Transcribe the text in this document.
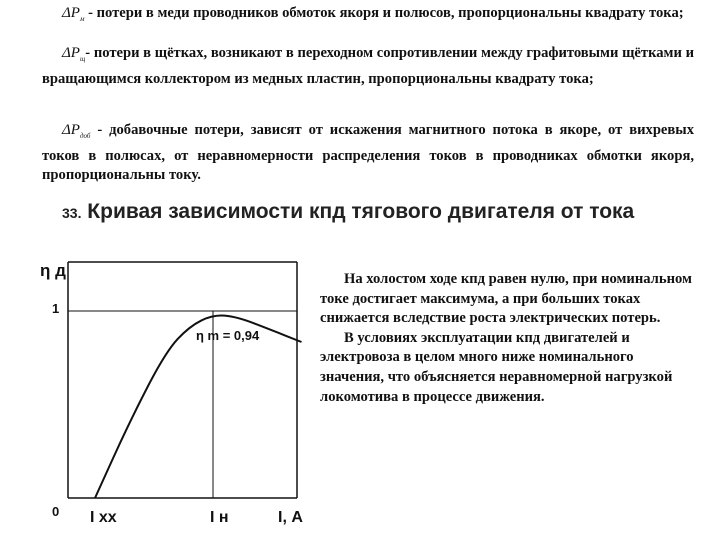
$\Delta P_м$ - потери в меди проводников обмоток якоря и полюсов, пропорциональны квадрату тока;
$\Delta P_щ-$ потери в щётках, возникают в переходном сопротивлении между графитовыми щётками и вращающимся коллектором из медных пластин, пропорциональны квадрату тока;
$\Delta P_{доб}$ - добавочные потери, зависят от искажения магнитного потока в якоре, от вихревых токов в полюсах, от неравномерности распределения токов в проводниках обмотки якоря, пропорциональны току.
33. Кривая зависимости кпд тягового двигателя от тока
η д
1
0 I хх	I н	I, А
η m = 0,94

На холостом ходе кпд равен нулю, при номинальном токе достигает максимума, а при больших токах снижается вследствие роста электрических потерь.

В условиях эксплуатации кпд двигателей и электровоза в целом много ниже номинального значения, что объясняется неравномерной нагрузкой локомотива в процессе движения.
